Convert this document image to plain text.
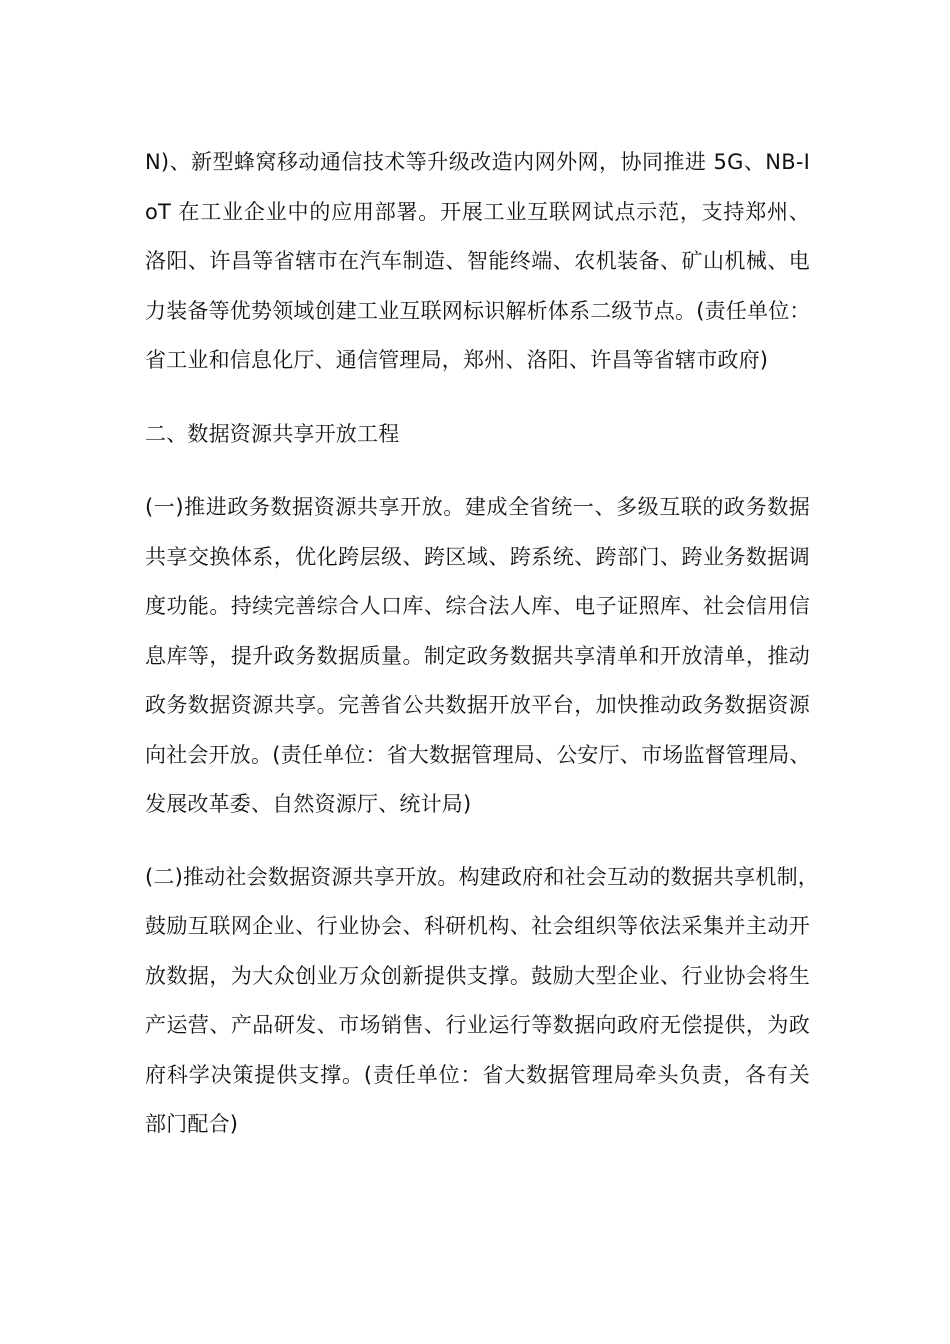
N)、新型蜂窝移动通信技术等升级改造内网外网，协同推进 5G、NB-I
oT 在工业企业中的应用部署。开展工业互联网试点示范，支持郑州、
洛阳、许昌等省辖市在汽车制造、智能终端、农机装备、矿山机械、电
力装备等优势领域创建工业互联网标识解析体系二级节点。(责任单位：
省工业和信息化厅、通信管理局，郑州、洛阳、许昌等省辖市政府)
二、数据资源共享开放工程
(一)推进政务数据资源共享开放。建成全省统一、多级互联的政务数据
共享交换体系，优化跨层级、跨区域、跨系统、跨部门、跨业务数据调
度功能。持续完善综合人口库、综合法人库、电子证照库、社会信用信
息库等，提升政务数据质量。制定政务数据共享清单和开放清单，推动
政务数据资源共享。完善省公共数据开放平台，加快推动政务数据资源
向社会开放。(责任单位：省大数据管理局、公安厅、市场监督管理局、
发展改革委、自然资源厅、统计局)
(二)推动社会数据资源共享开放。构建政府和社会互动的数据共享机制，
鼓励互联网企业、行业协会、科研机构、社会组织等依法采集并主动开
放数据，为大众创业万众创新提供支撑。鼓励大型企业、行业协会将生
产运营、产品研发、市场销售、行业运行等数据向政府无偿提供，为政
府科学决策提供支撑。(责任单位：省大数据管理局牵头负责，各有关
部门配合)
